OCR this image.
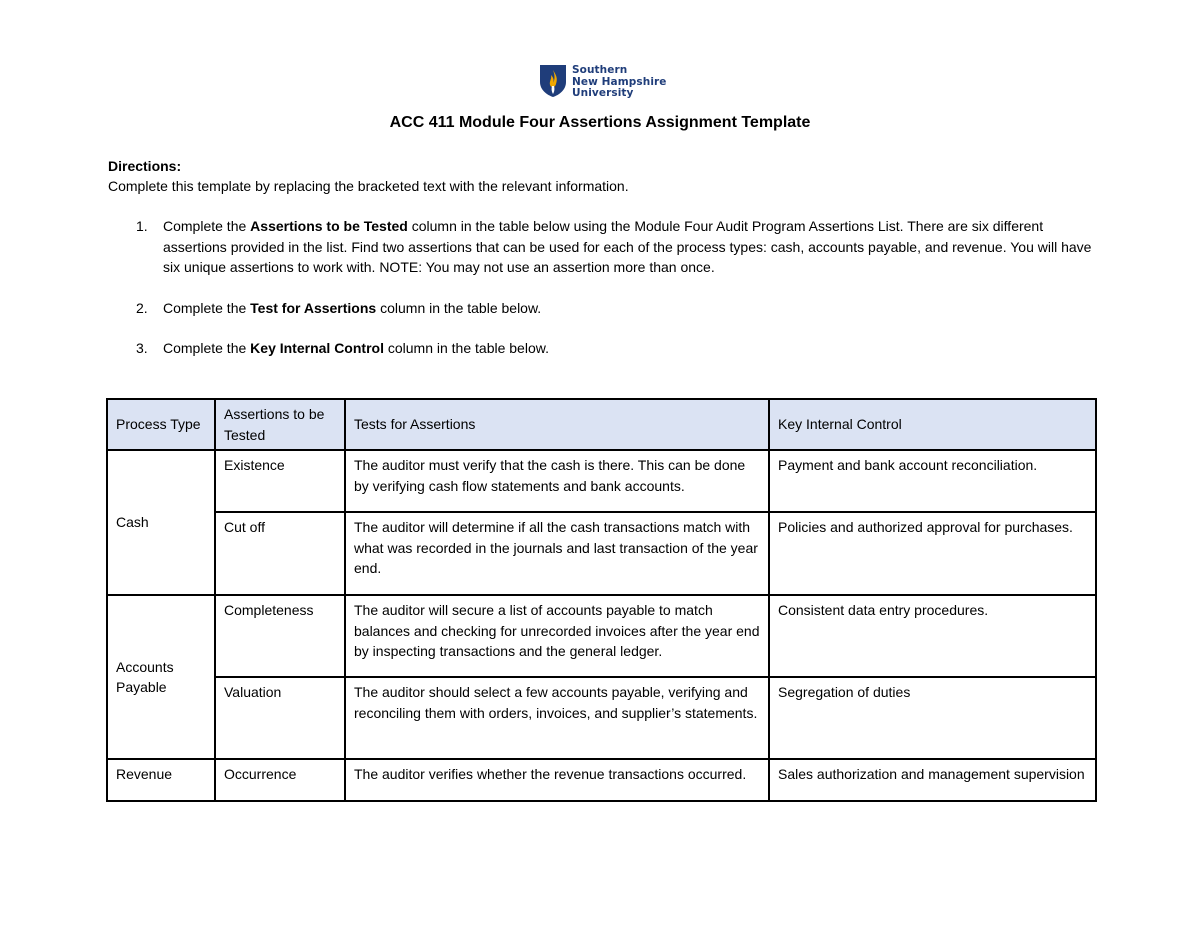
Southern
New Hampshire
University
ACC 411 Module Four Assertions Assignment Template
Directions:
Complete this template by replacing the bracketed text with the relevant information.
1.	Complete the Assertions to be Tested column in the table below using the Module Four Audit Program Assertions List. There are six different assertions provided in the list. Find two assertions that can be used for each of the process types: cash, accounts payable, and revenue. You will have six unique assertions to work with. NOTE: You may not use an assertion more than once.
2.	Complete the Test for Assertions column in the table below.
3.	Complete the Key Internal Control column in the table below.
Process Type	Assertions to be Tested	Tests for Assertions	Key Internal Control
Cash	Existence	The auditor must verify that the cash is there. This can be done by verifying cash flow statements and bank accounts.	Payment and bank account reconciliation.
	Cut off	The auditor will determine if all the cash transactions match with what was recorded in the journals and last transaction of the year end.	Policies and authorized approval for purchases.
Accounts Payable	Completeness	The auditor will secure a list of accounts payable to match balances and checking for unrecorded invoices after the year end by inspecting transactions and the general ledger.	Consistent data entry procedures.
	Valuation	The auditor should select a few accounts payable, verifying and reconciling them with orders, invoices, and supplier’s statements.	Segregation of duties
Revenue	Occurrence	The auditor verifies whether the revenue transactions occurred.	Sales authorization and management supervision
